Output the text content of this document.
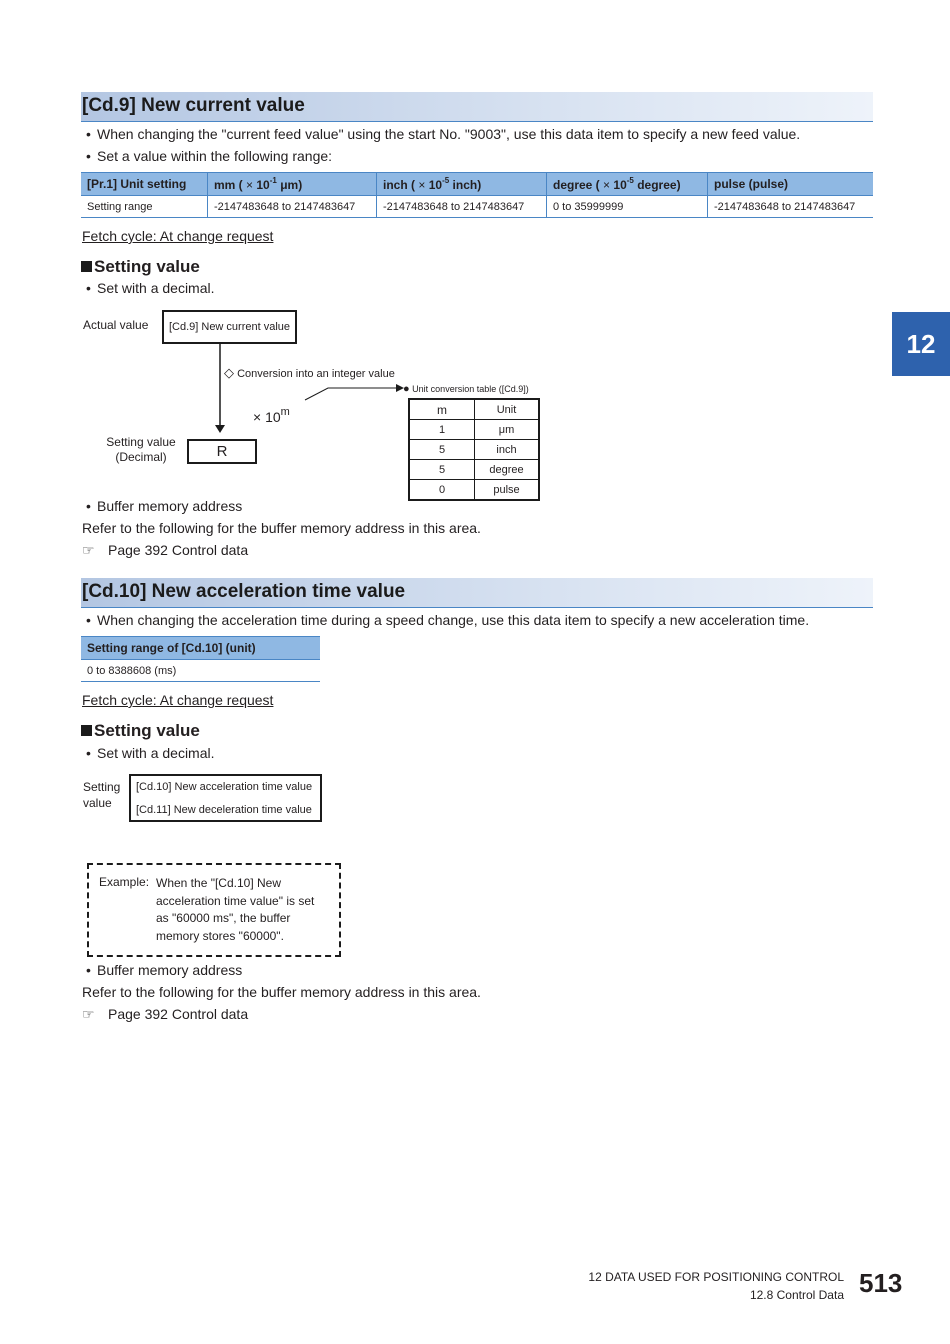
[Cd.9] New current value
• When changing the "current feed value" using the start No. "9003", use this data item to specify a new feed value.
• Set a value within the following range:
[Pr.1] Unit setting	mm ( × $10^{-1}$ μm)	inch ( × $10^{-5}$ inch)	degree ( × $10^{-5}$ degree)	pulse (pulse)
Setting range	-2147483648 to 2147483647	-2147483648 to 2147483647	0 to 35999999	-2147483648 to 2147483647
Fetch cycle: At change request
Setting value
• Set with a decimal.
Actual value	[Cd.9] New current value
◇ Conversion into an integer value
× $10^m$
Setting value
(Decimal)	R
● Unit conversion table ([Cd.9])
m	Unit
1	μm
5	inch
5	degree
0	pulse
• Buffer memory address
Refer to the following for the buffer memory address in this area.
☞ Page 392 Control data
[Cd.10] New acceleration time value
• When changing the acceleration time during a speed change, use this data item to specify a new acceleration time.
Setting range of [Cd.10] (unit)
0 to 8388608 (ms)
Fetch cycle: At change request
Setting value
• Set with a decimal.
Setting
value
[Cd.10] New acceleration time value
[Cd.11] New deceleration time value
Example: When the "[Cd.10] New
acceleration time value" is set
as "60000 ms", the buffer
memory stores "60000".
• Buffer memory address
Refer to the following for the buffer memory address in this area.
☞ Page 392 Control data
12
12 DATA USED FOR POSITIONING CONTROL
12.8 Control Data 513
